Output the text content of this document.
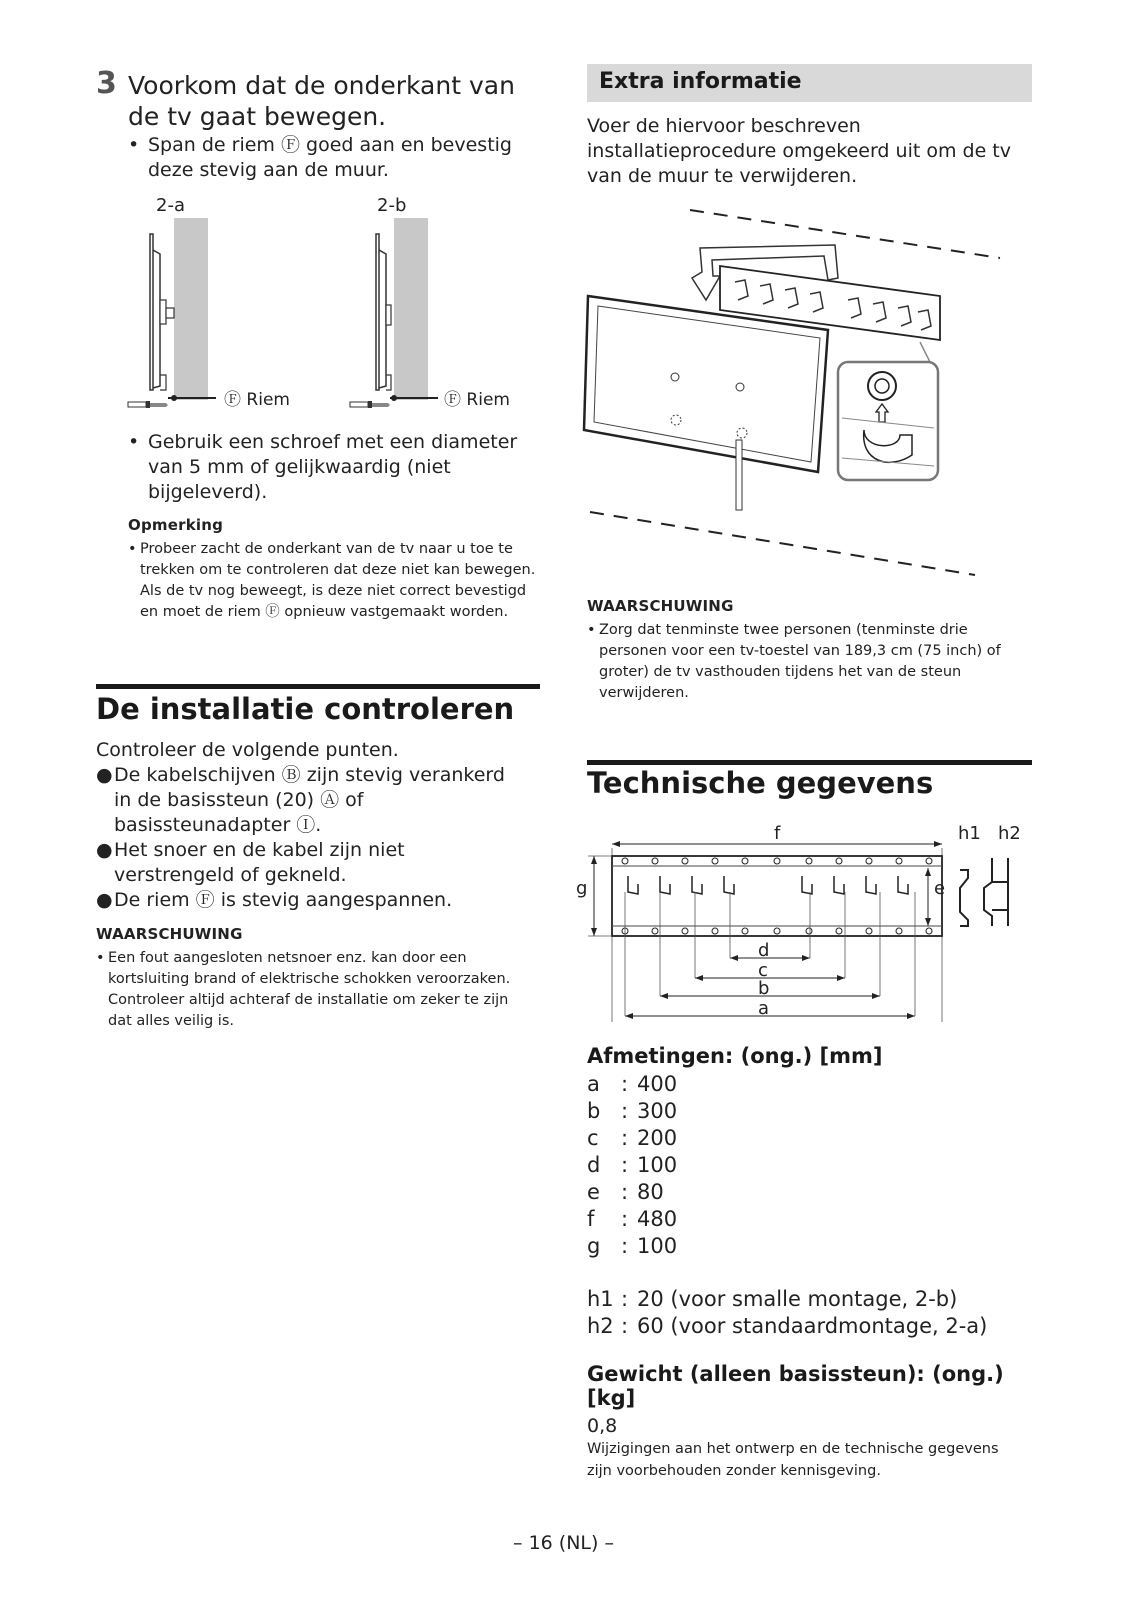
3 Voorkom dat de onderkant van de tv gaat bewegen.
• Span de riem Ⓕ goed aan en bevestig deze stevig aan de muur.
2-a
Ⓕ Riem
2-b
Ⓕ Riem
• Gebruik een schroef met een diameter van 5 mm of gelijkwaardig (niet bijgeleverd).
Opmerking
• Probeer zacht de onderkant van de tv naar u toe te trekken om te controleren dat deze niet kan bewegen. Als de tv nog beweegt, is deze niet correct bevestigd en moet de riem Ⓕ opnieuw vastgemaakt worden.
De installatie controleren
Controleer de volgende punten.
● De kabelschijven Ⓑ zijn stevig verankerd in de basissteun (20) Ⓐ of basissteunadapter Ⓘ.
● Het snoer en de kabel zijn niet verstrengeld of gekneld.
● De riem Ⓕ is stevig aangespannen.
WAARSCHUWING
• Een fout aangesloten netsnoer enz. kan door een kortsluiting brand of elektrische schokken veroorzaken. Controleer altijd achteraf de installatie om zeker te zijn dat alles veilig is.
Extra informatie
Voer de hiervoor beschreven installatieprocedure omgekeerd uit om de tv van de muur te verwijderen.
WAARSCHUWING
• Zorg dat tenminste twee personen (tenminste drie personen voor een tv-toestel van 189,3 cm (75 inch) of groter) de tv vasthouden tijdens het van de steun verwijderen.
Technische gegevens
f	h1 h2
g	e
d
c
b
a
Afmetingen: (ong.) [mm]
a	: 400
b : 300
c	: 200
d : 100
e	: 80
f	: 480
g : 100
h1 : 20 (voor smalle montage, 2-b)
h2 : 60 (voor standaardmontage, 2-a)
Gewicht (alleen basissteun): (ong.) [kg]
0,8
Wijzigingen aan het ontwerp en de technische gegevens zijn voorbehouden zonder kennisgeving.
– 16 (NL) –
